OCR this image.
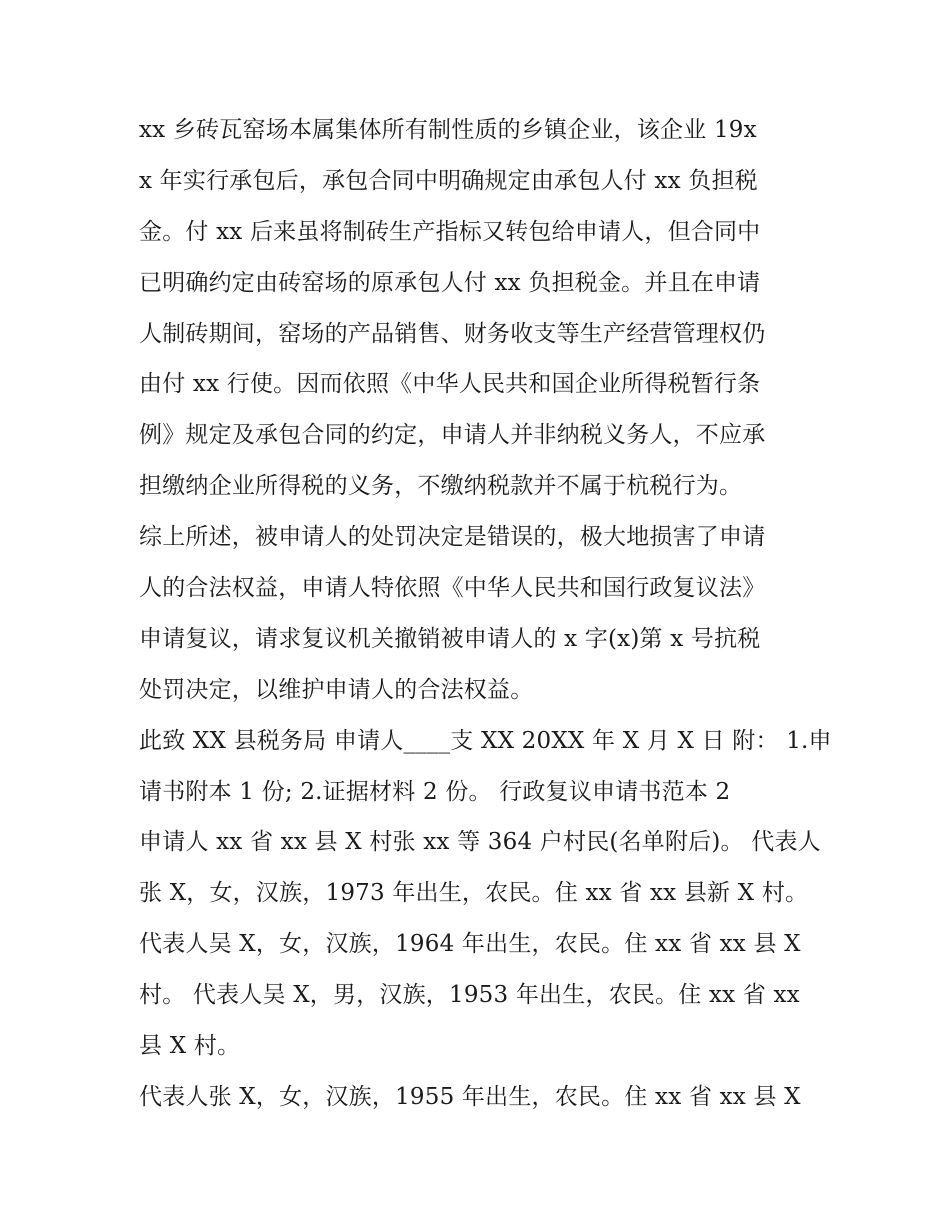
xx 乡砖瓦窑场本属集体所有制性质的乡镇企业，该企业 19x
x 年实行承包后，承包合同中明确规定由承包人付 xx 负担税
金。付 xx 后来虽将制砖生产指标又转包给申请人，但合同中
已明确约定由砖窑场的原承包人付 xx 负担税金。并且在申请
人制砖期间，窑场的产品销售、财务收支等生产经营管理权仍
由付 xx 行使。因而依照《中华人民共和国企业所得税暂行条
例》规定及承包合同的约定，申请人并非纳税义务人，不应承
担缴纳企业所得税的义务，不缴纳税款并不属于杭税行为。
综上所述，被申请人的处罚决定是错误的，极大地损害了申请
人的合法权益，申请人特依照《中华人民共和国行政复议法》
申请复议，请求复议机关撤销被申请人的 x 字(x)第 x 号抗税
处罚决定，以维护申请人的合法权益。
此致 XX 县税务局 申请人____支 XX 20XX 年 X 月 X 日 附： 1.申
请书附本 1 份; 2.证据材料 2 份。 行政复议申请书范本 2
申请人 xx 省 xx 县 X 村张 xx 等 364 户村民(名单附后)。 代表人
张 X，女，汉族，1973 年出生，农民。住 xx 省 xx 县新 X 村。
代表人吴 X，女，汉族，1964 年出生，农民。住 xx 省 xx 县 X
村。 代表人吴 X，男，汉族，1953 年出生，农民。住 xx 省 xx
县 X 村。
代表人张 X，女，汉族，1955 年出生，农民。住 xx 省 xx 县 X
